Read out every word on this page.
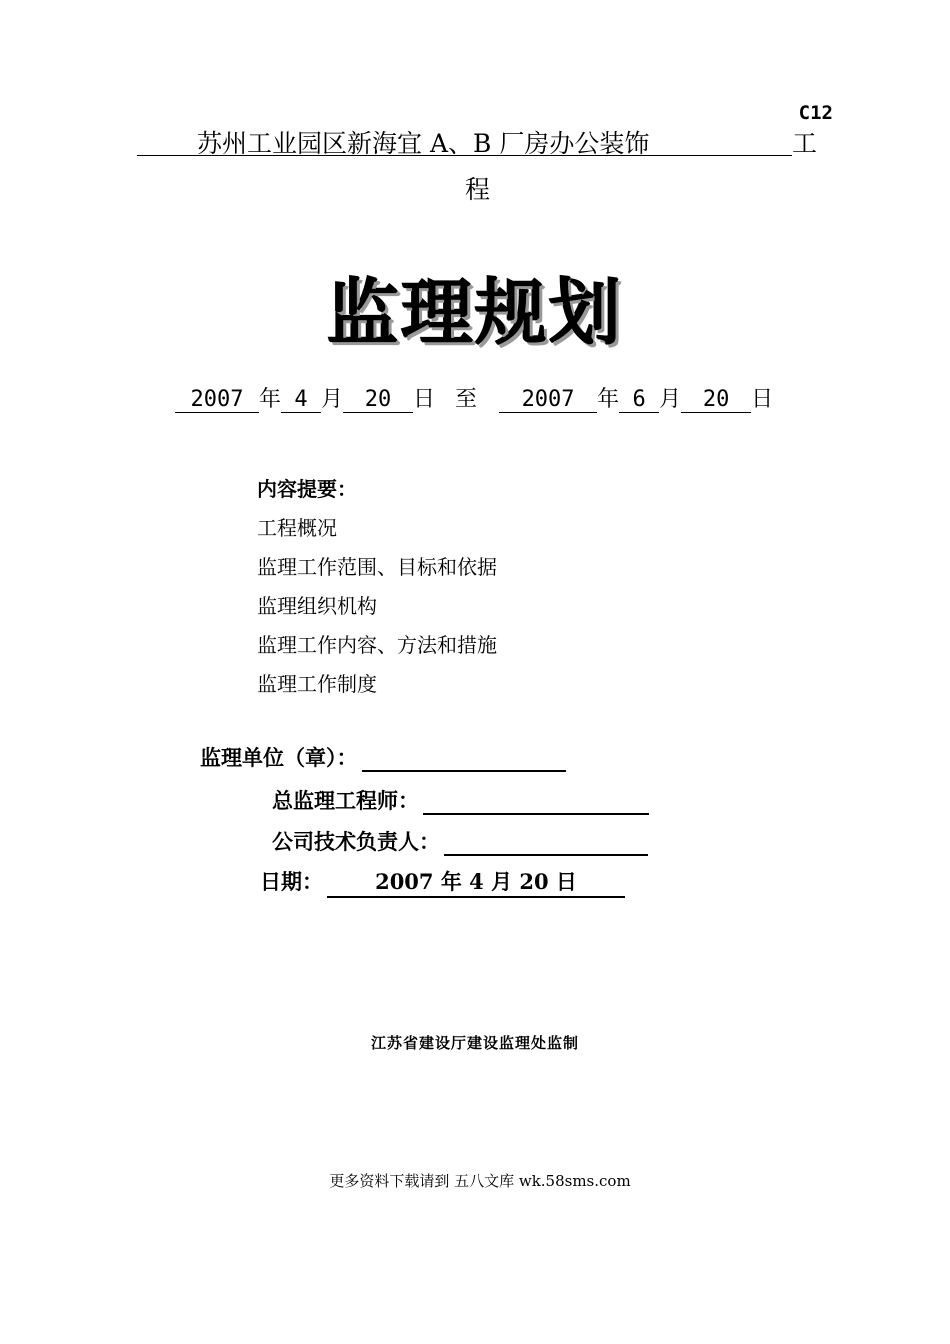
C12
苏州工业园区新海宜 A、B 厂房办公装饰	工
程
监理规划
2007 年 4 月 20 日 至 2007 年 6 月 20 日
内容提要：
工程概况
监理工作范围、目标和依据
监理组织机构
监理工作内容、方法和措施
监理工作制度
监理单位（章）：
总监理工程师：
公司技术负责人：
日期： 2007 年 4 月 20 日
江苏省建设厅建设监理处监制
更多资料下载请到 五八文库 wk.58sms.com
